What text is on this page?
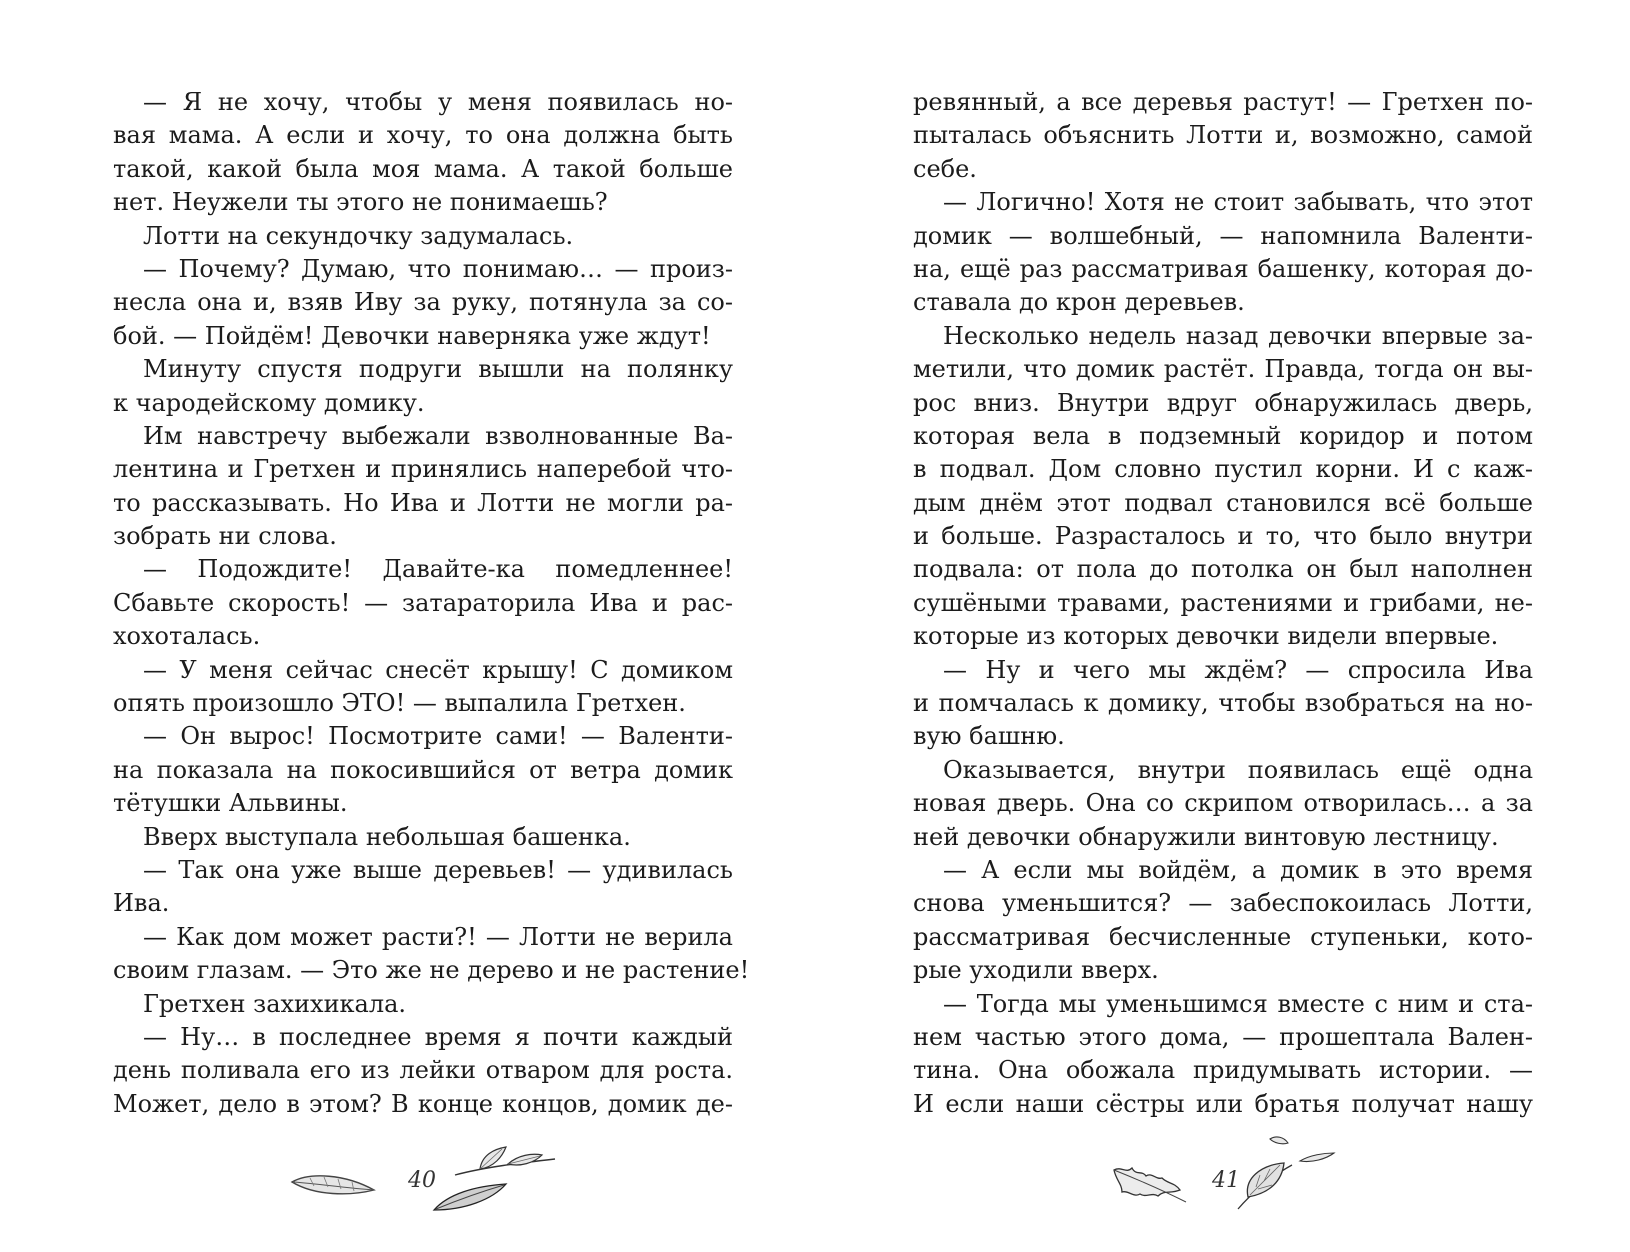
— Я не хочу, чтобы у меня появилась но-
вая мама. А если и хочу, то она должна быть
такой, какой была моя мама. А такой больше
нет. Неужели ты этого не понимаешь?
Лотти на секундочку задумалась.
— Почему? Думаю, что понимаю… — произ-
несла она и, взяв Иву за руку, потянула за со-
бой. — Пойдём! Девочки наверняка уже ждут!
Минуту спустя подруги вышли на полянку
к чародейскому домику.
Им навстречу выбежали взволнованные Ва-
лентина и Гретхен и принялись наперебой что-
то рассказывать. Но Ива и Лотти не могли ра-
зобрать ни слова.
— Подождите! Давайте-ка помедленнее!
Сбавьте скорость! — затараторила Ива и рас-
хохоталась.
— У меня сейчас снесёт крышу! С домиком
опять произошло ЭТО! — выпалила Гретхен.
— Он вырос! Посмотрите сами! — Валенти-
на показала на покосившийся от ветра домик
тётушки Альвины.
Вверх выступала небольшая башенка.
— Так она уже выше деревьев! — удивилась
Ива.
— Как дом может расти?! — Лотти не верила
своим глазам. — Это же не дерево и не растение!
Гретхен захихикала.
— Ну… в последнее время я почти каждый
день поливала его из лейки отваром для роста.
Может, дело в этом? В конце концов, домик де-
ревянный, а все деревья растут! — Гретхен по-
пыталась объяснить Лотти и, возможно, самой
себе.
— Логично! Хотя не стоит забывать, что этот
домик — волшебный, — напомнила Валенти-
на, ещё раз рассматривая башенку, которая до-
ставала до крон деревьев.
Несколько недель назад девочки впервые за-
метили, что домик растёт. Правда, тогда он вы-
рос вниз. Внутри вдруг обнаружилась дверь,
которая вела в подземный коридор и потом
в подвал. Дом словно пустил корни. И с каж-
дым днём этот подвал становился всё больше
и больше. Разрасталось и то, что было внутри
подвала: от пола до потолка он был наполнен
сушёными травами, растениями и грибами, не-
которые из которых девочки видели впервые.
— Ну и чего мы ждём? — спросила Ива
и помчалась к домику, чтобы взобраться на но-
вую башню.
Оказывается, внутри появилась ещё одна
новая дверь. Она со скрипом отворилась… а за
ней девочки обнаружили винтовую лестницу.
— А если мы войдём, а домик в это время
снова уменьшится? — забеспокоилась Лотти,
рассматривая бесчисленные ступеньки, кото-
рые уходили вверх.
— Тогда мы уменьшимся вместе с ним и ста-
нем частью этого дома, — прошептала Вален-
тина. Она обожала придумывать истории. —
И если наши сёстры или братья получат нашу
40	41
